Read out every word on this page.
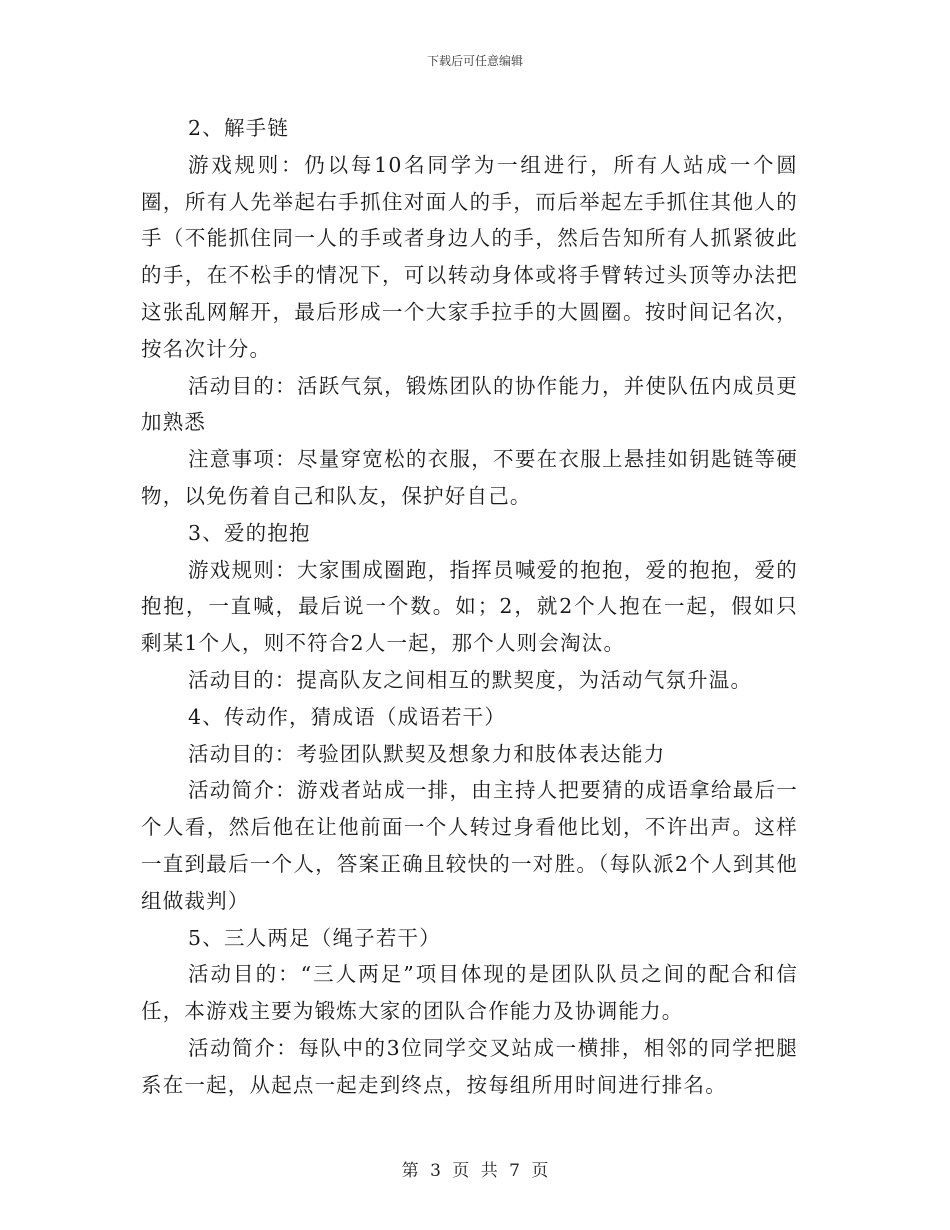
下载后可任意编辑

2、解手链

游戏规则：仍以每10名同学为一组进行，所有人站成一个圆圈，所有人先举起右手抓住对面人的手，而后举起左手抓住其他人的手（不能抓住同一人的手或者身边人的手，然后告知所有人抓紧彼此的手，在不松手的情况下，可以转动身体或将手臂转过头顶等办法把这张乱网解开，最后形成一个大家手拉手的大圆圈。按时间记名次，按名次计分。

活动目的：活跃气氛，锻炼团队的协作能力，并使队伍内成员更加熟悉

注意事项：尽量穿宽松的衣服，不要在衣服上悬挂如钥匙链等硬物，以免伤着自己和队友，保护好自己。

3、爱的抱抱

游戏规则：大家围成圈跑，指挥员喊爱的抱抱，爱的抱抱，爱的抱抱，一直喊，最后说一个数。如；2，就2个人抱在一起，假如只剩某1个人，则不符合2人一起，那个人则会淘汰。

活动目的：提高队友之间相互的默契度，为活动气氛升温。

4、传动作，猜成语（成语若干）

活动目的：考验团队默契及想象力和肢体表达能力

活动简介：游戏者站成一排，由主持人把要猜的成语拿给最后一个人看，然后他在让他前面一个人转过身看他比划，不许出声。这样一直到最后一个人，答案正确且较快的一对胜。（每队派2个人到其他组做裁判）

5、三人两足（绳子若干）

活动目的：“三人两足”项目体现的是团队队员之间的配合和信任，本游戏主要为锻炼大家的团队合作能力及协调能力。

活动简介：每队中的3位同学交叉站成一横排，相邻的同学把腿系在一起，从起点一起走到终点，按每组所用时间进行排名。

第 3 页 共 7 页
